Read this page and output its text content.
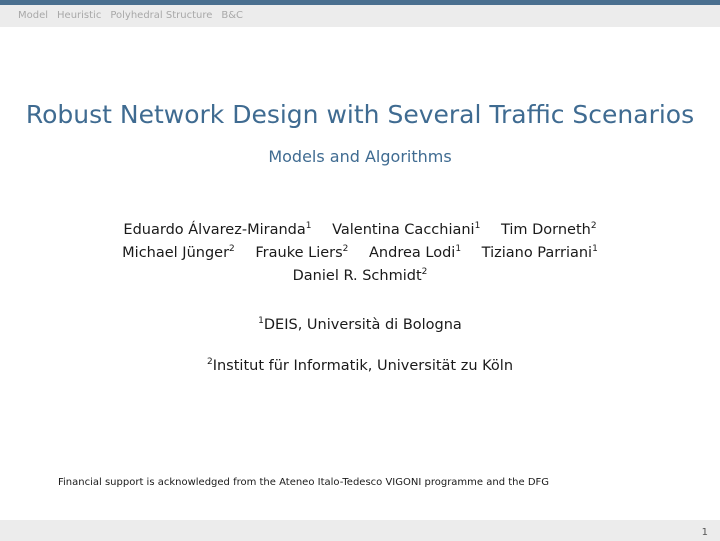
Model Heuristic Polyhedral Structure B&C
Robust Network Design with Several Traffic Scenarios
Models and Algorithms
Eduardo Álvarez-Miranda$^1$ Valentina Cacchiani$^1$ Tim Dorneth$^2$
Michael Jünger$^2$ Frauke Liers$^2$ Andrea Lodi$^1$ Tiziano Parriani$^1$
Daniel R. Schmidt$^2$
$^1$DEIS, Università di Bologna
$^2$Institut für Informatik, Universität zu Köln
Financial support is acknowledged from the Ateneo Italo-Tedesco VIGONI programme and the DFG
1
